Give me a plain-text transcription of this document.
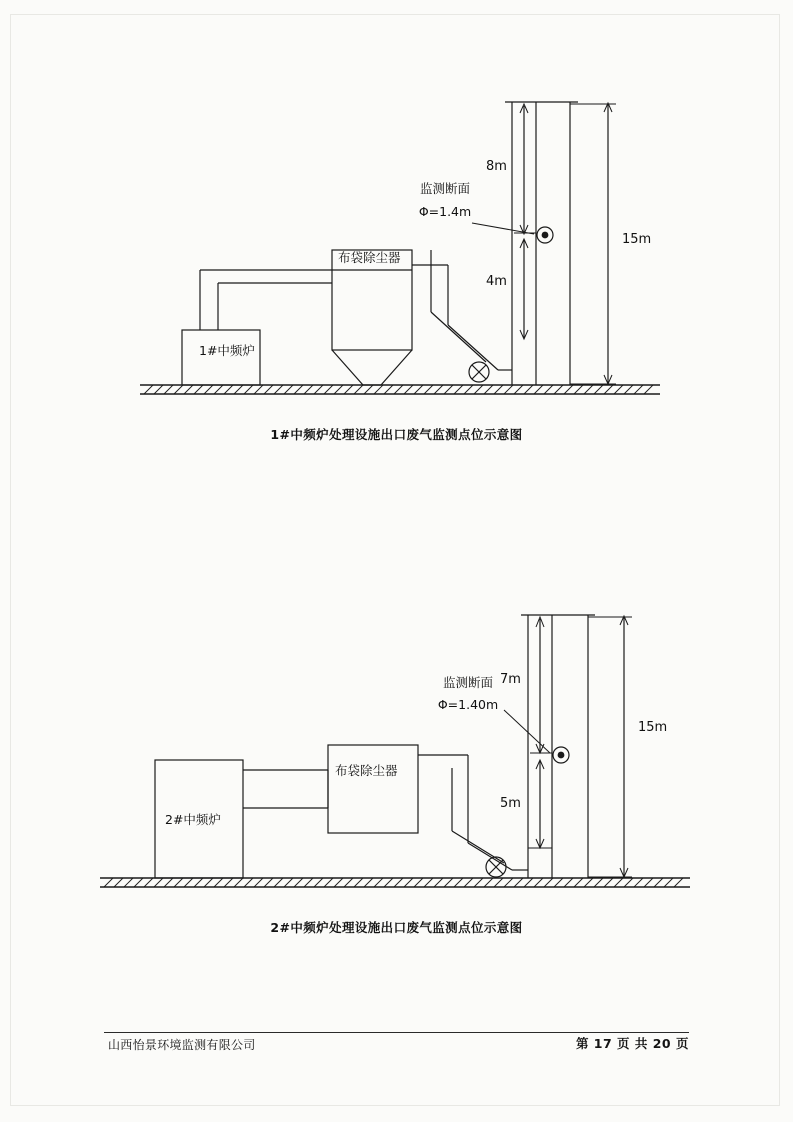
1#中频炉
布袋除尘器
监测断面
Φ=1.4m
8m
4m
15m
1#中频炉处理设施出口废气监测点位示意图
2#中频炉
布袋除尘器
监测断面
Φ=1.40m
7m
5m
15m
2#中频炉处理设施出口废气监测点位示意图
山西怡景环境监测有限公司	第 17 页 共 20 页
